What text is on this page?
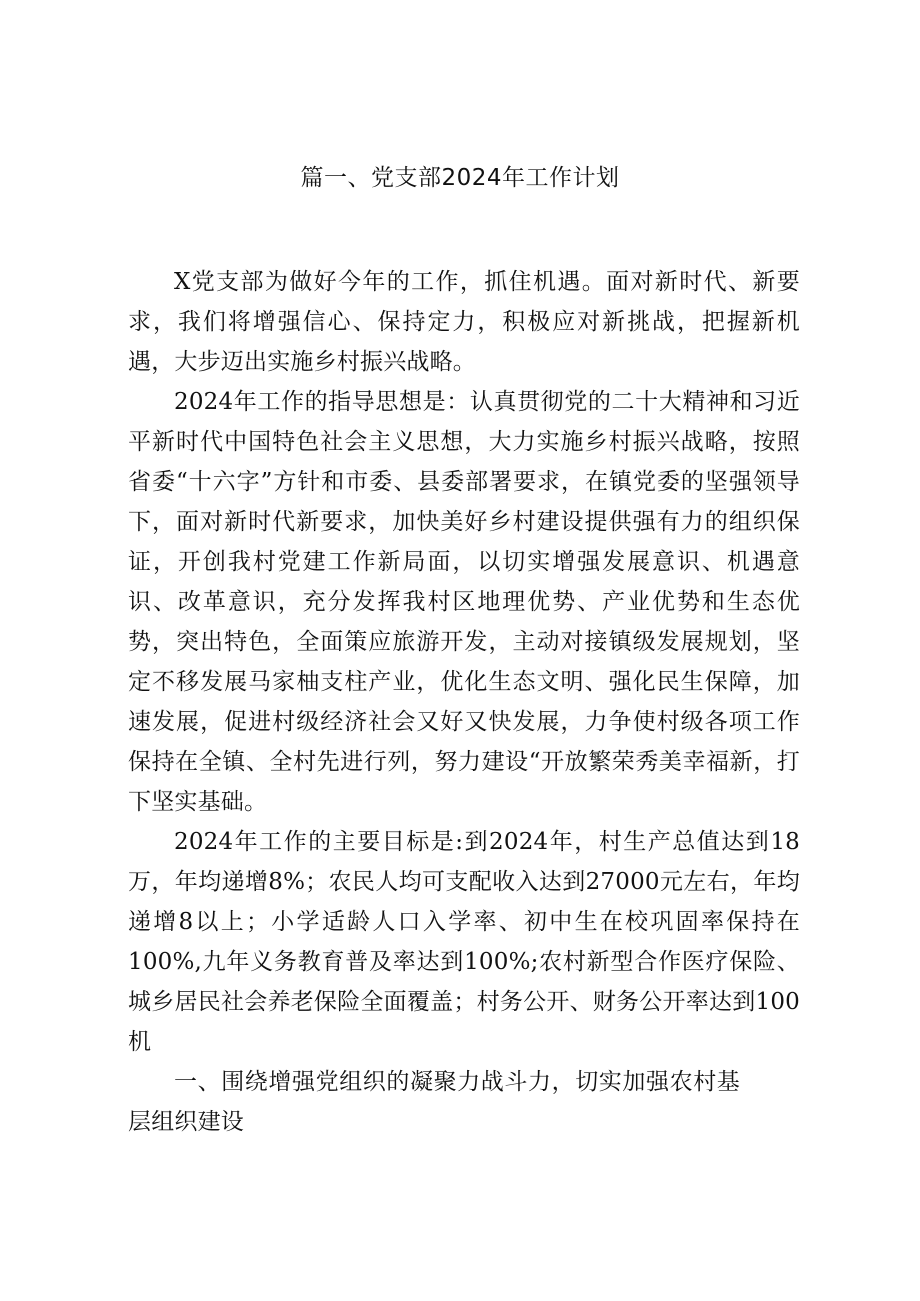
篇一、党支部2024年工作计划

X党支部为做好今年的工作，抓住机遇。面对新时代、新要求，我们将增强信心、保持定力，积极应对新挑战，把握新机遇，大步迈出实施乡村振兴战略。

2024年工作的指导思想是：认真贯彻党的二十大精神和习近平新时代中国特色社会主义思想，大力实施乡村振兴战略，按照省委“十六字”方针和市委、县委部署要求，在镇党委的坚强领导下，面对新时代新要求，加快美好乡村建设提供强有力的组织保证，开创我村党建工作新局面，以切实增强发展意识、机遇意识、改革意识，充分发挥我村区地理优势、产业优势和生态优势，突出特色，全面策应旅游开发，主动对接镇级发展规划，坚定不移发展马家柚支柱产业，优化生态文明、强化民生保障，加速发展，促进村级经济社会又好又快发展，力争使村级各项工作保持在全镇、全村先进行列，努力建设“开放繁荣秀美幸福新，打下坚实基础。

2024年工作的主要目标是:到2024年，村生产总值达到18万，年均递增8%；农民人均可支配收入达到27000元左右，年均递增8以上；小学适龄人口入学率、初中生在校巩固率保持在100%,九年义务教育普及率达到100%;农村新型合作医疗保险、城乡居民社会养老保险全面覆盖；村务公开、财务公开率达到100机

一、围绕增强党组织的凝聚力战斗力，切实加强农村基层组织建设
